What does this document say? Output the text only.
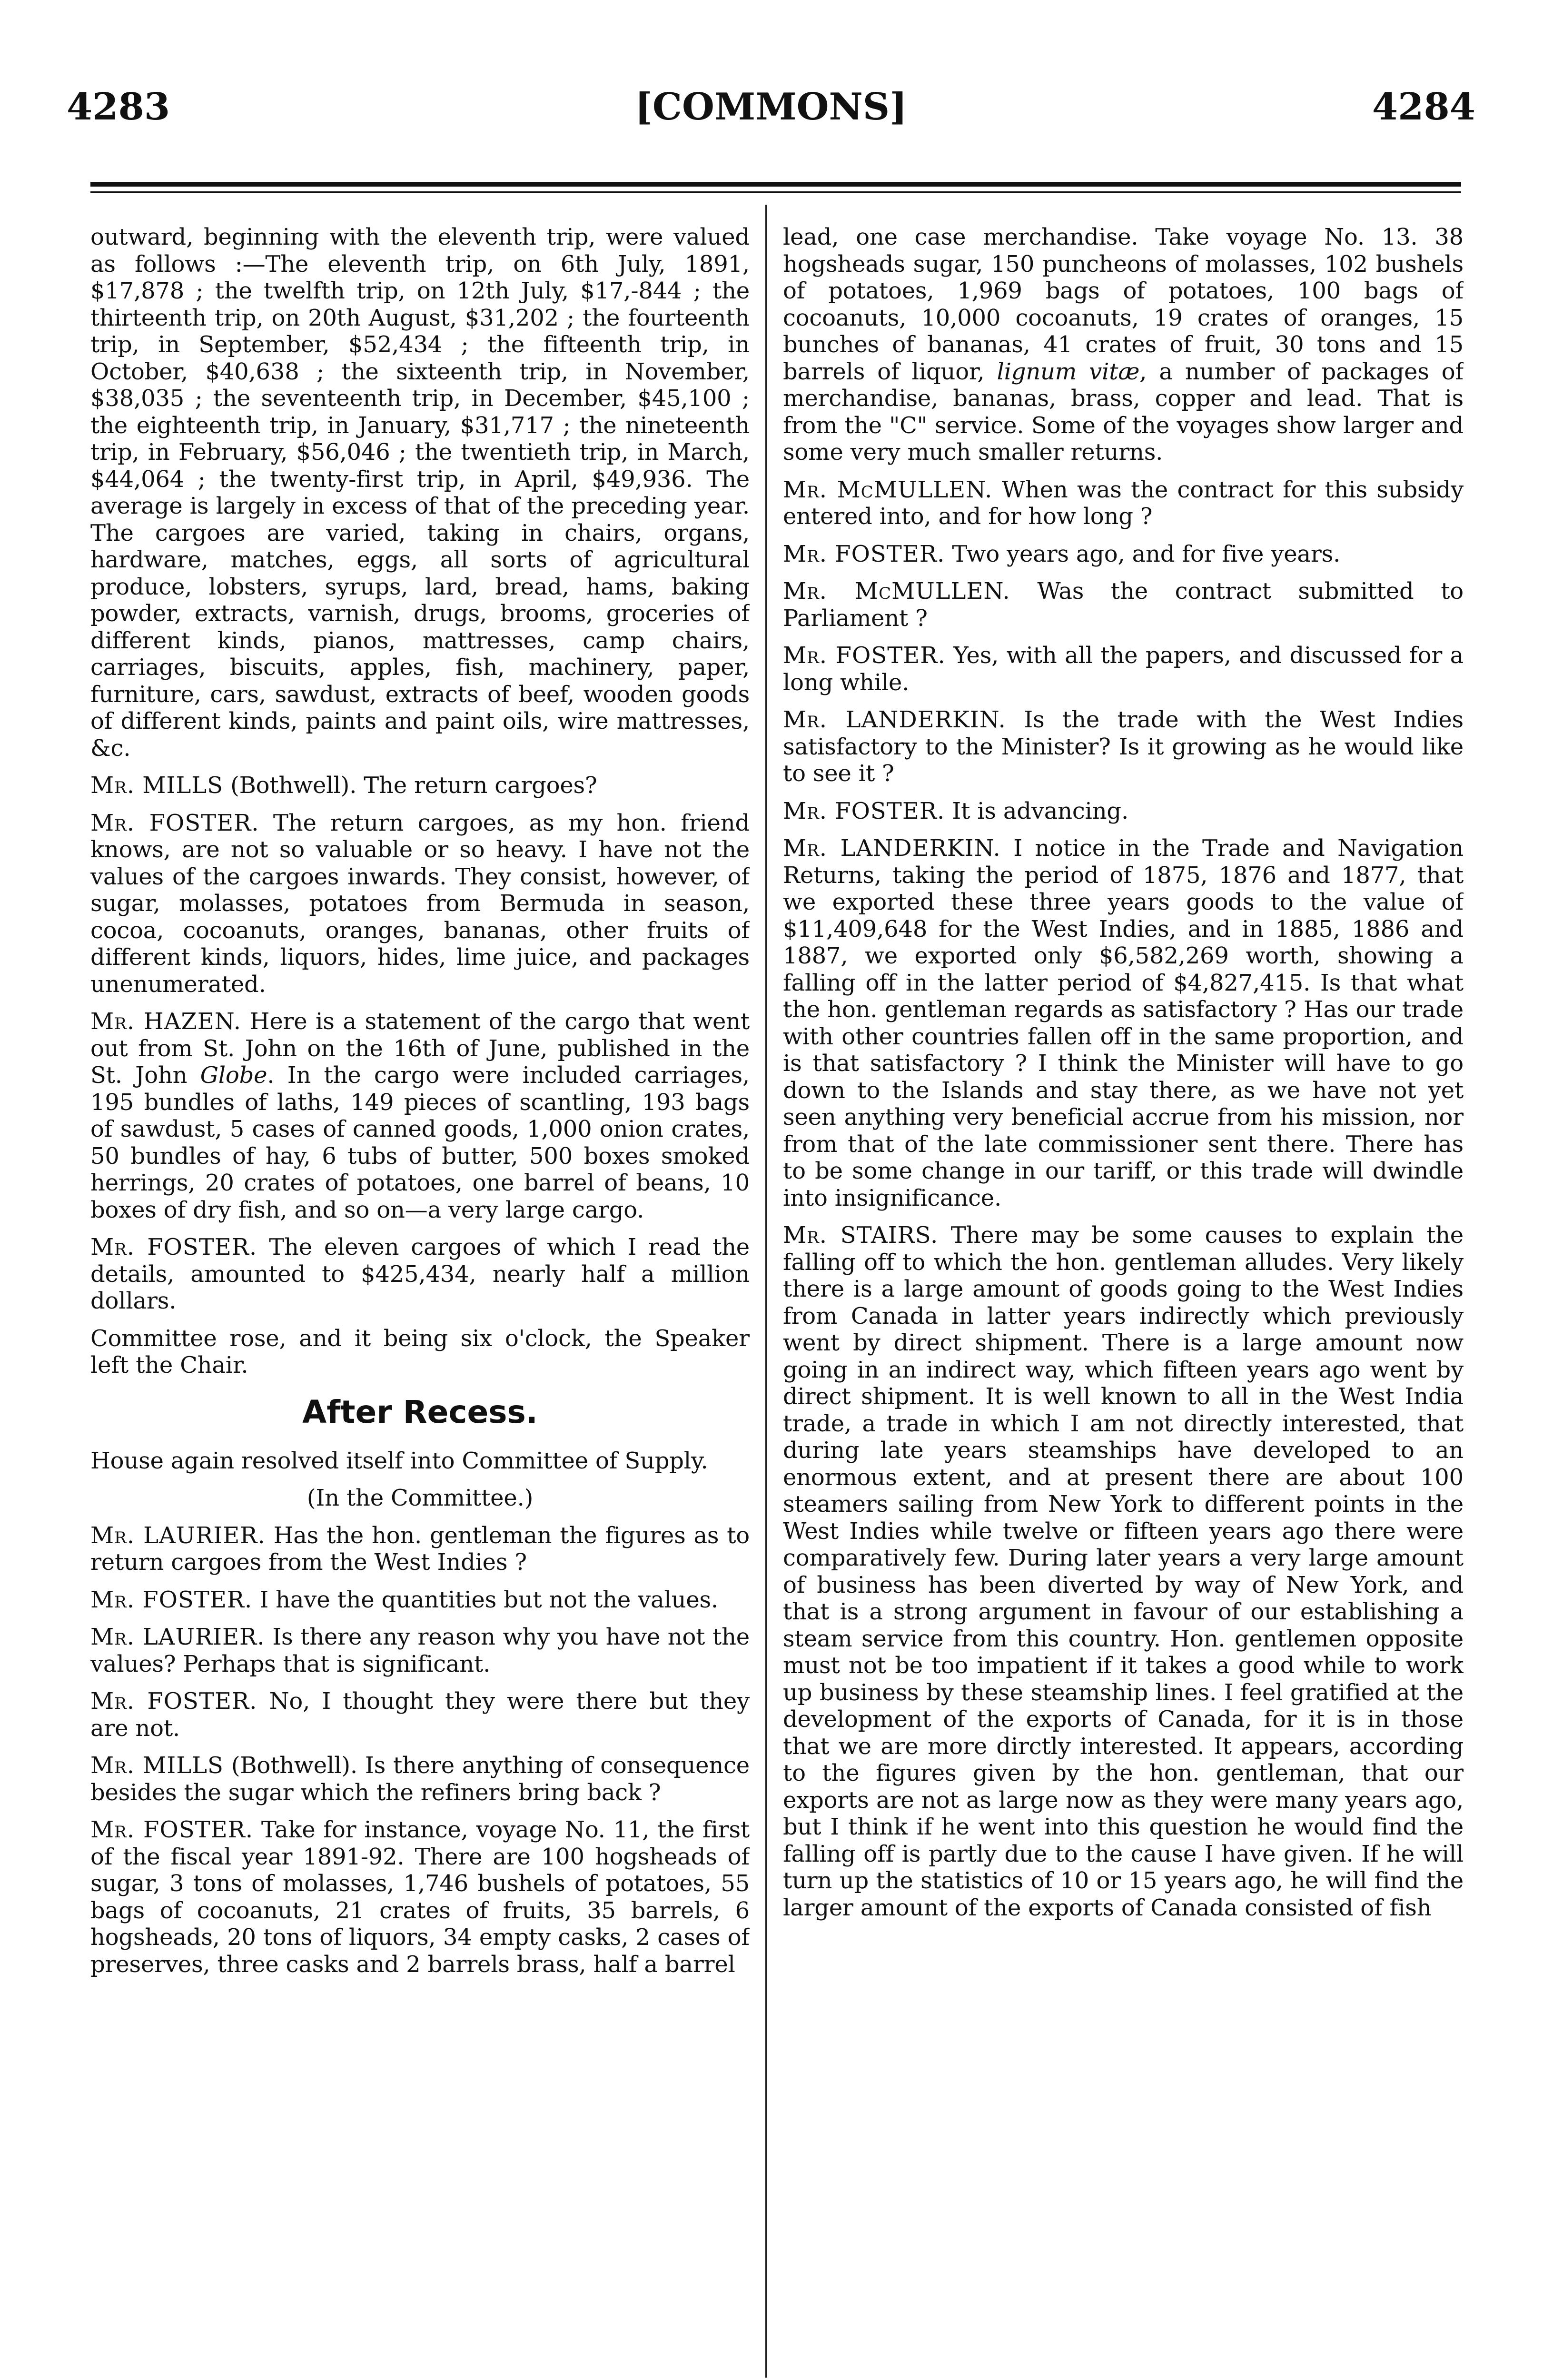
4283	[COMMONS]	4284

outward, beginning with the eleventh trip, were valued as follows :—The eleventh trip, on 6th July, 1891, $17,878 ; the twelfth trip, on 12th July, $17,-844 ; the thirteenth trip, on 20th August, $31,202 ; the fourteenth trip, in September, $52,434 ; the fifteenth trip, in October, $40,638 ; the sixteenth trip, in November, $38,035 ; the seventeenth trip, in December, $45,100 ; the eighteenth trip, in January, $31,717 ; the nineteenth trip, in February, $56,046 ; the twentieth trip, in March, $44,064 ; the twenty-first trip, in April, $49,936. The average is largely in excess of that of the preceding year. The cargoes are varied, taking in chairs, organs, hardware, matches, eggs, all sorts of agricultural produce, lobsters, syrups, lard, bread, hams, baking powder, extracts, varnish, drugs, brooms, groceries of different kinds, pianos, mattresses, camp chairs, carriages, biscuits, apples, fish, machinery, paper, furniture, cars, sawdust, extracts of beef, wooden goods of different kinds, paints and paint oils, wire mattresses, &c.

Mr. MILLS (Bothwell). The return cargoes?

Mr. FOSTER. The return cargoes, as my hon. friend knows, are not so valuable or so heavy. I have not the values of the cargoes inwards. They consist, however, of sugar, molasses, potatoes from Bermuda in season, cocoa, cocoanuts, oranges, bananas, other fruits of different kinds, liquors, hides, lime juice, and packages unenumerated.

Mr. HAZEN. Here is a statement of the cargo that went out from St. John on the 16th of June, published in the St. John Globe. In the cargo were included carriages, 195 bundles of laths, 149 pieces of scantling, 193 bags of sawdust, 5 cases of canned goods, 1,000 onion crates, 50 bundles of hay, 6 tubs of butter, 500 boxes smoked herrings, 20 crates of potatoes, one barrel of beans, 10 boxes of dry fish, and so on—a very large cargo.

Mr. FOSTER. The eleven cargoes of which I read the details, amounted to $425,434, nearly half a million dollars.

Committee rose, and it being six o'clock, the Speaker left the Chair.

After Recess.

House again resolved itself into Committee of Supply.

(In the Committee.)

Mr. LAURIER. Has the hon. gentleman the figures as to return cargoes from the West Indies ?

Mr. FOSTER. I have the quantities but not the values.

Mr. LAURIER. Is there any reason why you have not the values? Perhaps that is significant.

Mr. FOSTER. No, I thought they were there but they are not.

Mr. MILLS (Bothwell). Is there anything of consequence besides the sugar which the refiners bring back ?

Mr. FOSTER. Take for instance, voyage No. 11, the first of the fiscal year 1891-92. There are 100 hogsheads of sugar, 3 tons of molasses, 1,746 bushels of potatoes, 55 bags of cocoanuts, 21 crates of fruits, 35 barrels, 6 hogsheads, 20 tons of liquors, 34 empty casks, 2 cases of preserves, three casks and 2 barrels brass, half a barrel

lead, one case merchandise. Take voyage No. 13. 38 hogsheads sugar, 150 puncheons of molasses, 102 bushels of potatoes, 1,969 bags of potatoes, 100 bags of cocoanuts, 10,000 cocoanuts, 19 crates of oranges, 15 bunches of bananas, 41 crates of fruit, 30 tons and 15 barrels of liquor, lignum vitæ, a number of packages of merchandise, bananas, brass, copper and lead. That is from the "C" service. Some of the voyages show larger and some very much smaller returns.

Mr. McMULLEN. When was the contract for this subsidy entered into, and for how long ?

Mr. FOSTER. Two years ago, and for five years.

Mr. McMULLEN. Was the contract submitted to Parliament ?

Mr. FOSTER. Yes, with all the papers, and discussed for a long while.

Mr. LANDERKIN. Is the trade with the West Indies satisfactory to the Minister? Is it growing as he would like to see it ?

Mr. FOSTER. It is advancing.

Mr. LANDERKIN. I notice in the Trade and Navigation Returns, taking the period of 1875, 1876 and 1877, that we exported these three years goods to the value of $11,409,648 for the West Indies, and in 1885, 1886 and 1887, we exported only $6,582,269 worth, showing a falling off in the latter period of $4,827,415. Is that what the hon. gentleman regards as satisfactory ? Has our trade with other countries fallen off in the same proportion, and is that satisfactory ? I think the Minister will have to go down to the Islands and stay there, as we have not yet seen anything very beneficial accrue from his mission, nor from that of the late commissioner sent there. There has to be some change in our tariff, or this trade will dwindle into insignificance.

Mr. STAIRS. There may be some causes to explain the falling off to which the hon. gentleman alludes. Very likely there is a large amount of goods going to the West Indies from Canada in latter years indirectly which previously went by direct shipment. There is a large amount now going in an indirect way, which fifteen years ago went by direct shipment. It is well known to all in the West India trade, a trade in which I am not directly interested, that during late years steamships have developed to an enormous extent, and at present there are about 100 steamers sailing from New York to different points in the West Indies while twelve or fifteen years ago there were comparatively few. During later years a very large amount of business has been diverted by way of New York, and that is a strong argument in favour of our establishing a steam service from this country. Hon. gentlemen opposite must not be too impatient if it takes a good while to work up business by these steamship lines. I feel gratified at the development of the exports of Canada, for it is in those that we are more dirctly interested. It appears, according to the figures given by the hon. gentleman, that our exports are not as large now as they were many years ago, but I think if he went into this question he would find the falling off is partly due to the cause I have given. If he will turn up the statistics of 10 or 15 years ago, he will find the larger amount of the exports of Canada consisted of fish
